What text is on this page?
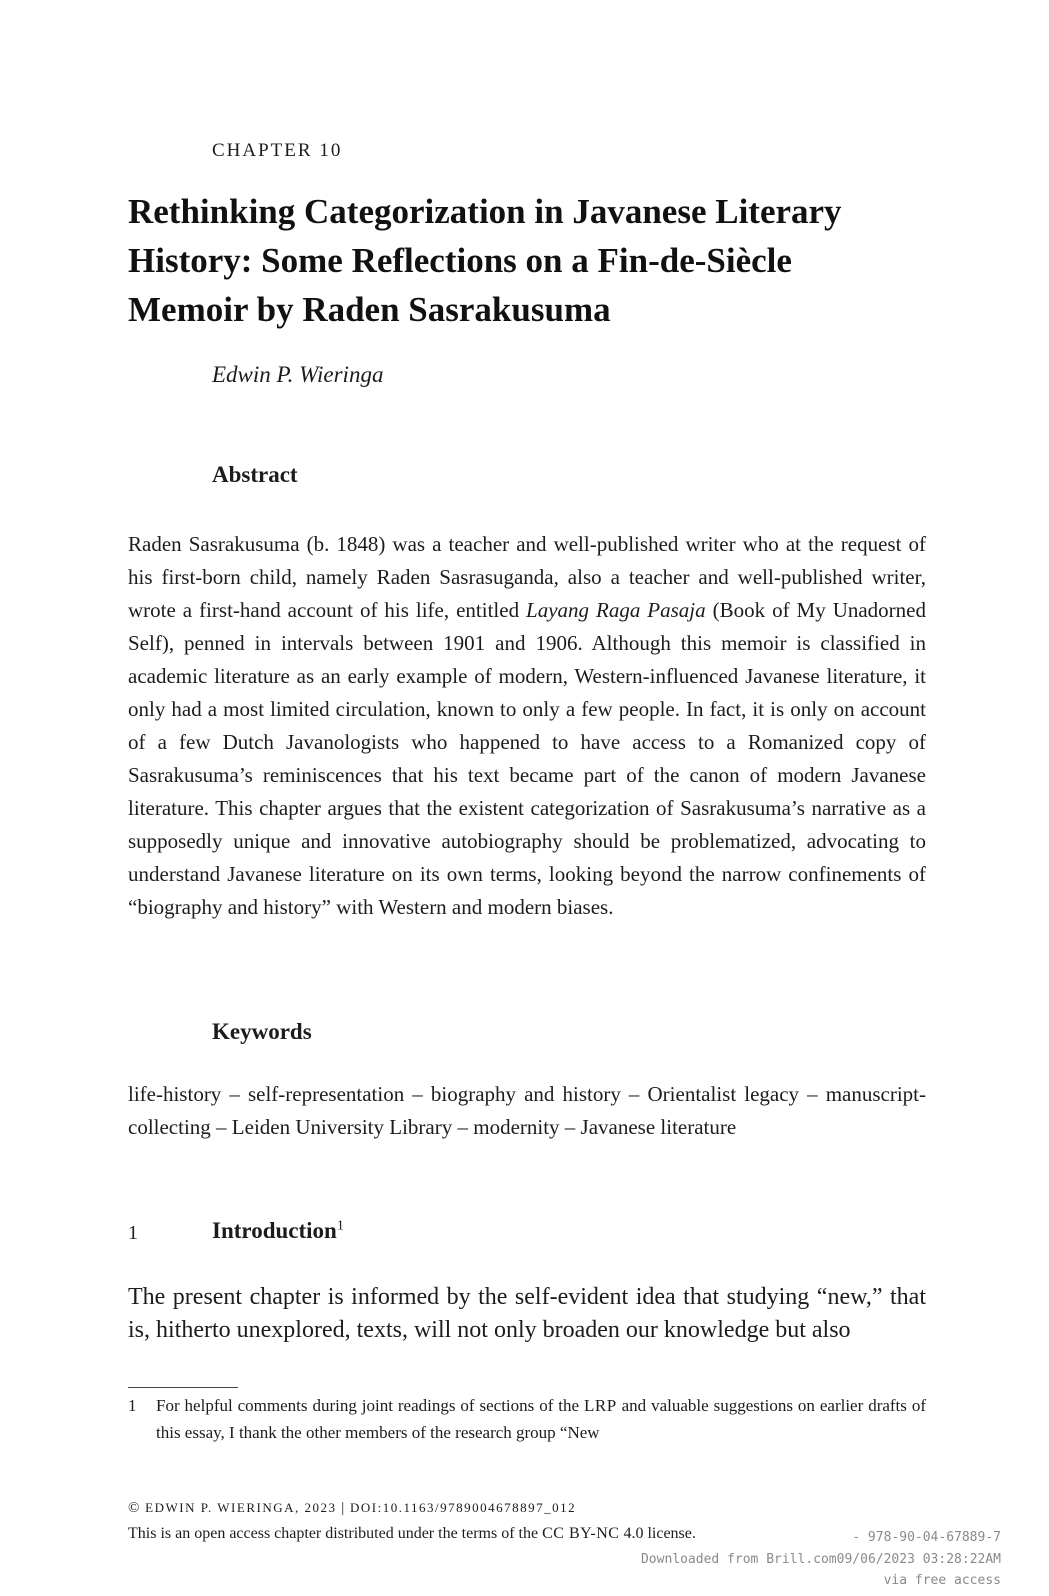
CHAPTER 10
Rethinking Categorization in Javanese Literary History: Some Reflections on a Fin-de-Siècle Memoir by Raden Sasrakusuma
Edwin P. Wieringa
Abstract
Raden Sasrakusuma (b. 1848) was a teacher and well-published writer who at the request of his first-born child, namely Raden Sasrasuganda, also a teacher and well-published writer, wrote a first-hand account of his life, entitled Layang Raga Pasaja (Book of My Unadorned Self), penned in intervals between 1901 and 1906. Although this memoir is classified in academic literature as an early example of modern, Western-influenced Javanese literature, it only had a most limited circulation, known to only a few people. In fact, it is only on account of a few Dutch Javanologists who happened to have access to a Romanized copy of Sasrakusuma’s reminiscences that his text became part of the canon of modern Javanese literature. This chapter argues that the existent categorization of Sasrakusuma’s narrative as a supposedly unique and innovative autobiography should be problematized, advocating to understand Javanese literature on its own terms, looking beyond the narrow confinements of “biography and history” with Western and modern biases.
Keywords
life-history – self-representation – biography and history – Orientalist legacy – manuscript-collecting – Leiden University Library – modernity – Javanese literature
1	Introduction$^1$
The present chapter is informed by the self-evident idea that studying “new,” that is, hitherto unexplored, texts, will not only broaden our knowledge but also
1 For helpful comments during joint readings of sections of the LRP and valuable suggestions on earlier drafts of this essay, I thank the other members of the research group “New
© EDWIN P. WIERINGA, 2023 | DOI:10.1163/9789004678897_012
This is an open access chapter distributed under the terms of the CC BY-NC 4.0 license.	- 978-90-04-67889-7
Downloaded from Brill.com09/06/2023 03:28:22AM
via free access
